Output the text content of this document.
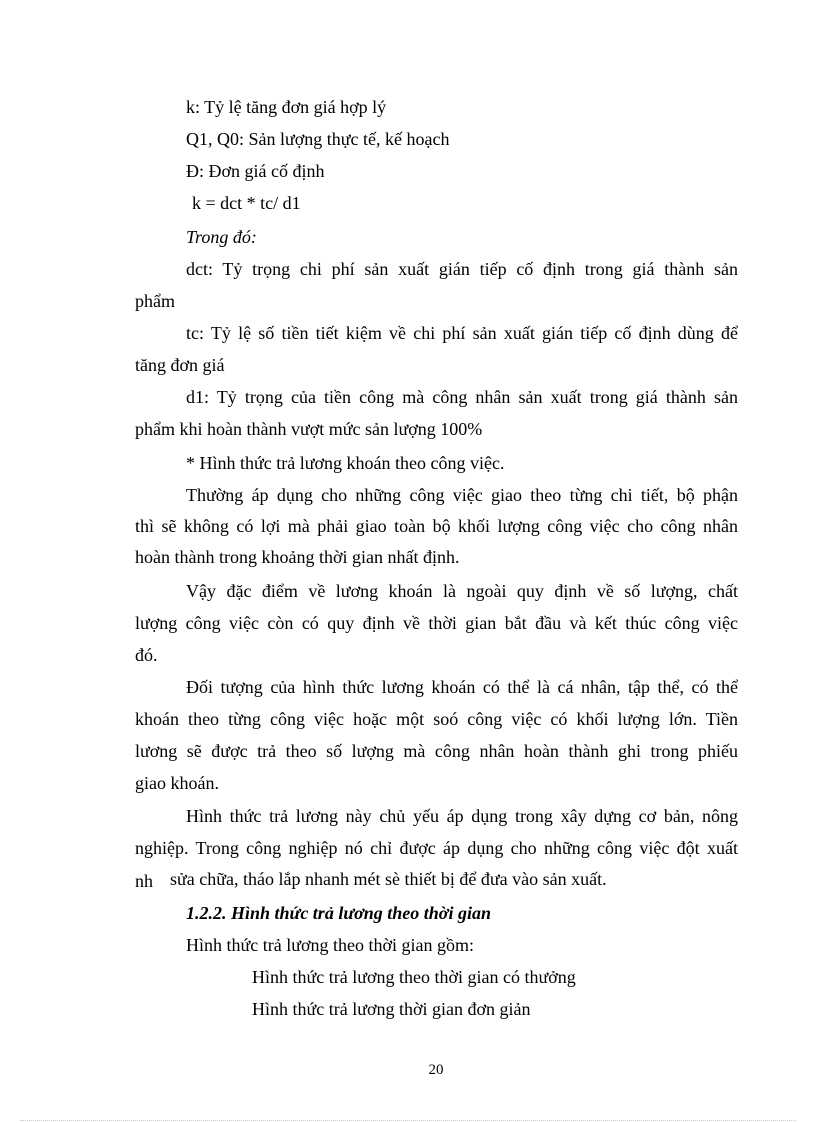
k: Tỷ lệ tăng đơn giá hợp lý
Q1, Q0: Sản lượng thực tế, kế hoạch
Đ: Đơn giá cố định
k = dct * tc/ d1
Trong đó:
dct: Tỷ trọng chi phí sản xuất gián tiếp cố định trong giá thành sản
phẩm
tc: Tỷ lệ số tiền tiết kiệm về chi phí sản xuất gián tiếp cố định dùng để
tăng đơn giá
d1: Tỷ trọng của tiền công mà công nhân sản xuất trong giá thành sản
phẩm khi hoàn thành vượt mức sản lượng 100%
* Hình thức trả lương khoán theo công việc.
Thường áp dụng cho những công việc giao theo từng chi tiết, bộ phận
thì sẽ không có lợi mà phải giao toàn bộ khối lượng công việc cho công nhân
hoàn thành trong khoảng thời gian nhất định.
Vậy đặc điểm về lương khoán là ngoài quy định về số lượng, chất
lượng công việc còn có quy định về thời gian bắt đầu và kết thúc công việc
đó.
Đối tượng của hình thức lương khoán có thể là cá nhân, tập thể, có thể
khoán theo từng công việc hoặc một soó công việc có khối lượng lớn. Tiền
lương sẽ được trả theo số lượng mà công nhân hoàn thành ghi trong phiếu
giao khoán.
Hình thức trả lương này chủ yếu áp dụng trong xây dựng cơ bản, nông
nghiệp. Trong công nghiệp nó chỉ được áp dụng cho những công việc đột xuất
nh sửa chữa, tháo lắp nhanh mét sè thiết bị để đưa vào sản xuất.
1.2.2. Hình thức trả lương theo thời gian
Hình thức trả lương theo thời gian gồm:
Hình thức trả lương theo thời gian có thưởng
Hình thức trả lương thời gian đơn giản
20
